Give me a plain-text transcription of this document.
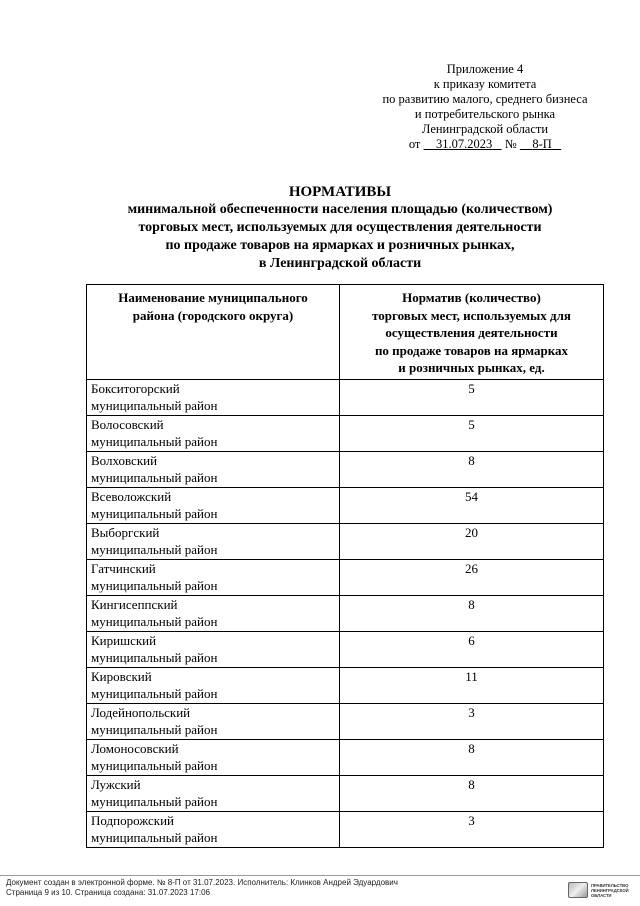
Приложение 4
к приказу комитета
по развитию малого, среднего бизнеса
и потребительского рынка
Ленинградской области
от 31.07.2023 № 8-П
НОРМАТИВЫ
минимальной обеспеченности населения площадью (количеством)
торговых мест, используемых для осуществления деятельности
по продаже товаров на ярмарках и розничных рынках,
в Ленинградской области
Наименование муниципального
района (городского округа)	Норматив (количество)
торговых мест, используемых для
осуществления деятельности
по продаже товаров на ярмарках
и розничных рынках, ед.
Бокситогорский
муниципальный район	5
Волосовский
муниципальный район	5
Волховский
муниципальный район	8
Всеволожский
муниципальный район	54
Выборгский
муниципальный район	20
Гатчинский
муниципальный район	26
Кингисеппский
муниципальный район	8
Киришский
муниципальный район	6
Кировский
муниципальный район	11
Лодейнопольский
муниципальный район	3
Ломоносовский
муниципальный район	8
Лужский
муниципальный район	8
Подпорожский
муниципальный район	3
Документ создан в электронной форме. № 8-П от 31.07.2023. Исполнитель: Клинков Андрей Эдуардович
Страница 9 из 10. Страница создана: 31.07.2023 17:06
ПРАВИТЕЛЬСТВО
ЛЕНИНГРАДСКОЙ
ОБЛАСТИ
